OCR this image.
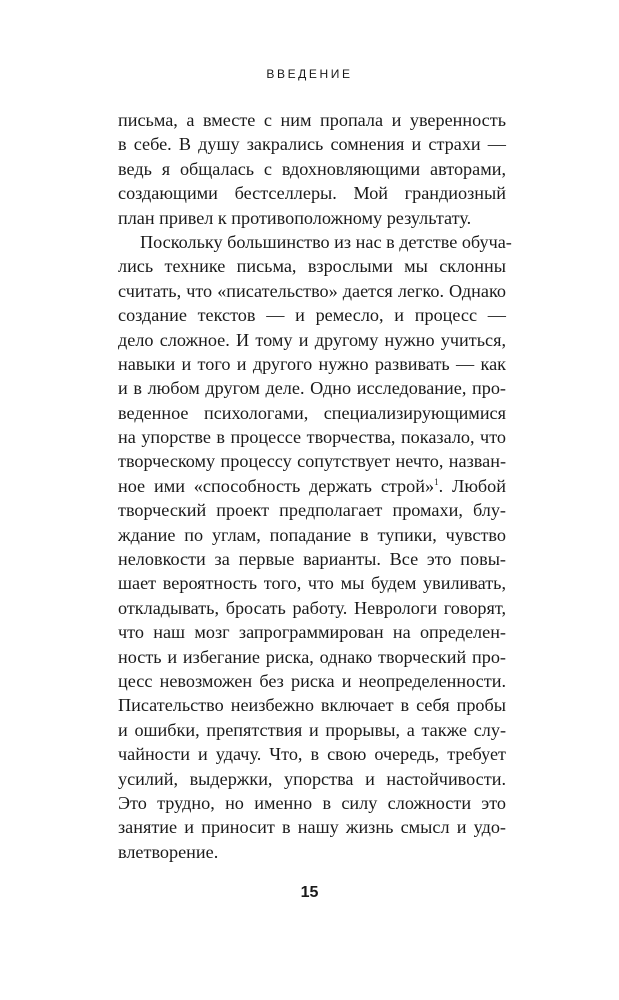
ВВЕДЕНИЕ
письма, а вместе с ним пропала и уверенность
в себе. В душу закрались сомнения и страхи —
ведь я общалась с вдохновляющими авторами,
создающими бестселлеры. Мой грандиозный
план привел к противоположному результату.
Поскольку большинство из нас в детстве обуча-
лись технике письма, взрослыми мы склонны
считать, что «писательство» дается легко. Однако
создание текстов — и ремесло, и процесс —
дело сложное. И тому и другому нужно учиться,
навыки и того и другого нужно развивать — как
и в любом другом деле. Одно исследование, про-
веденное психологами, специализирующимися
на упорстве в процессе творчества, показало, что
творческому процессу сопутствует нечто, назван-
ное ими «способность держать строй»$^1$. Любой
творческий проект предполагает промахи, блу-
ждание по углам, попадание в тупики, чувство
неловкости за первые варианты. Все это повы-
шает вероятность того, что мы будем увиливать,
откладывать, бросать работу. Неврологи говорят,
что наш мозг запрограммирован на определен-
ность и избегание риска, однако творческий про-
цесс невозможен без риска и неопределенности.
Писательство неизбежно включает в себя пробы
и ошибки, препятствия и прорывы, а также слу-
чайности и удачу. Что, в свою очередь, требует
усилий, выдержки, упорства и настойчивости.
Это трудно, но именно в силу сложности это
занятие и приносит в нашу жизнь смысл и удо-
влетворение.
15
